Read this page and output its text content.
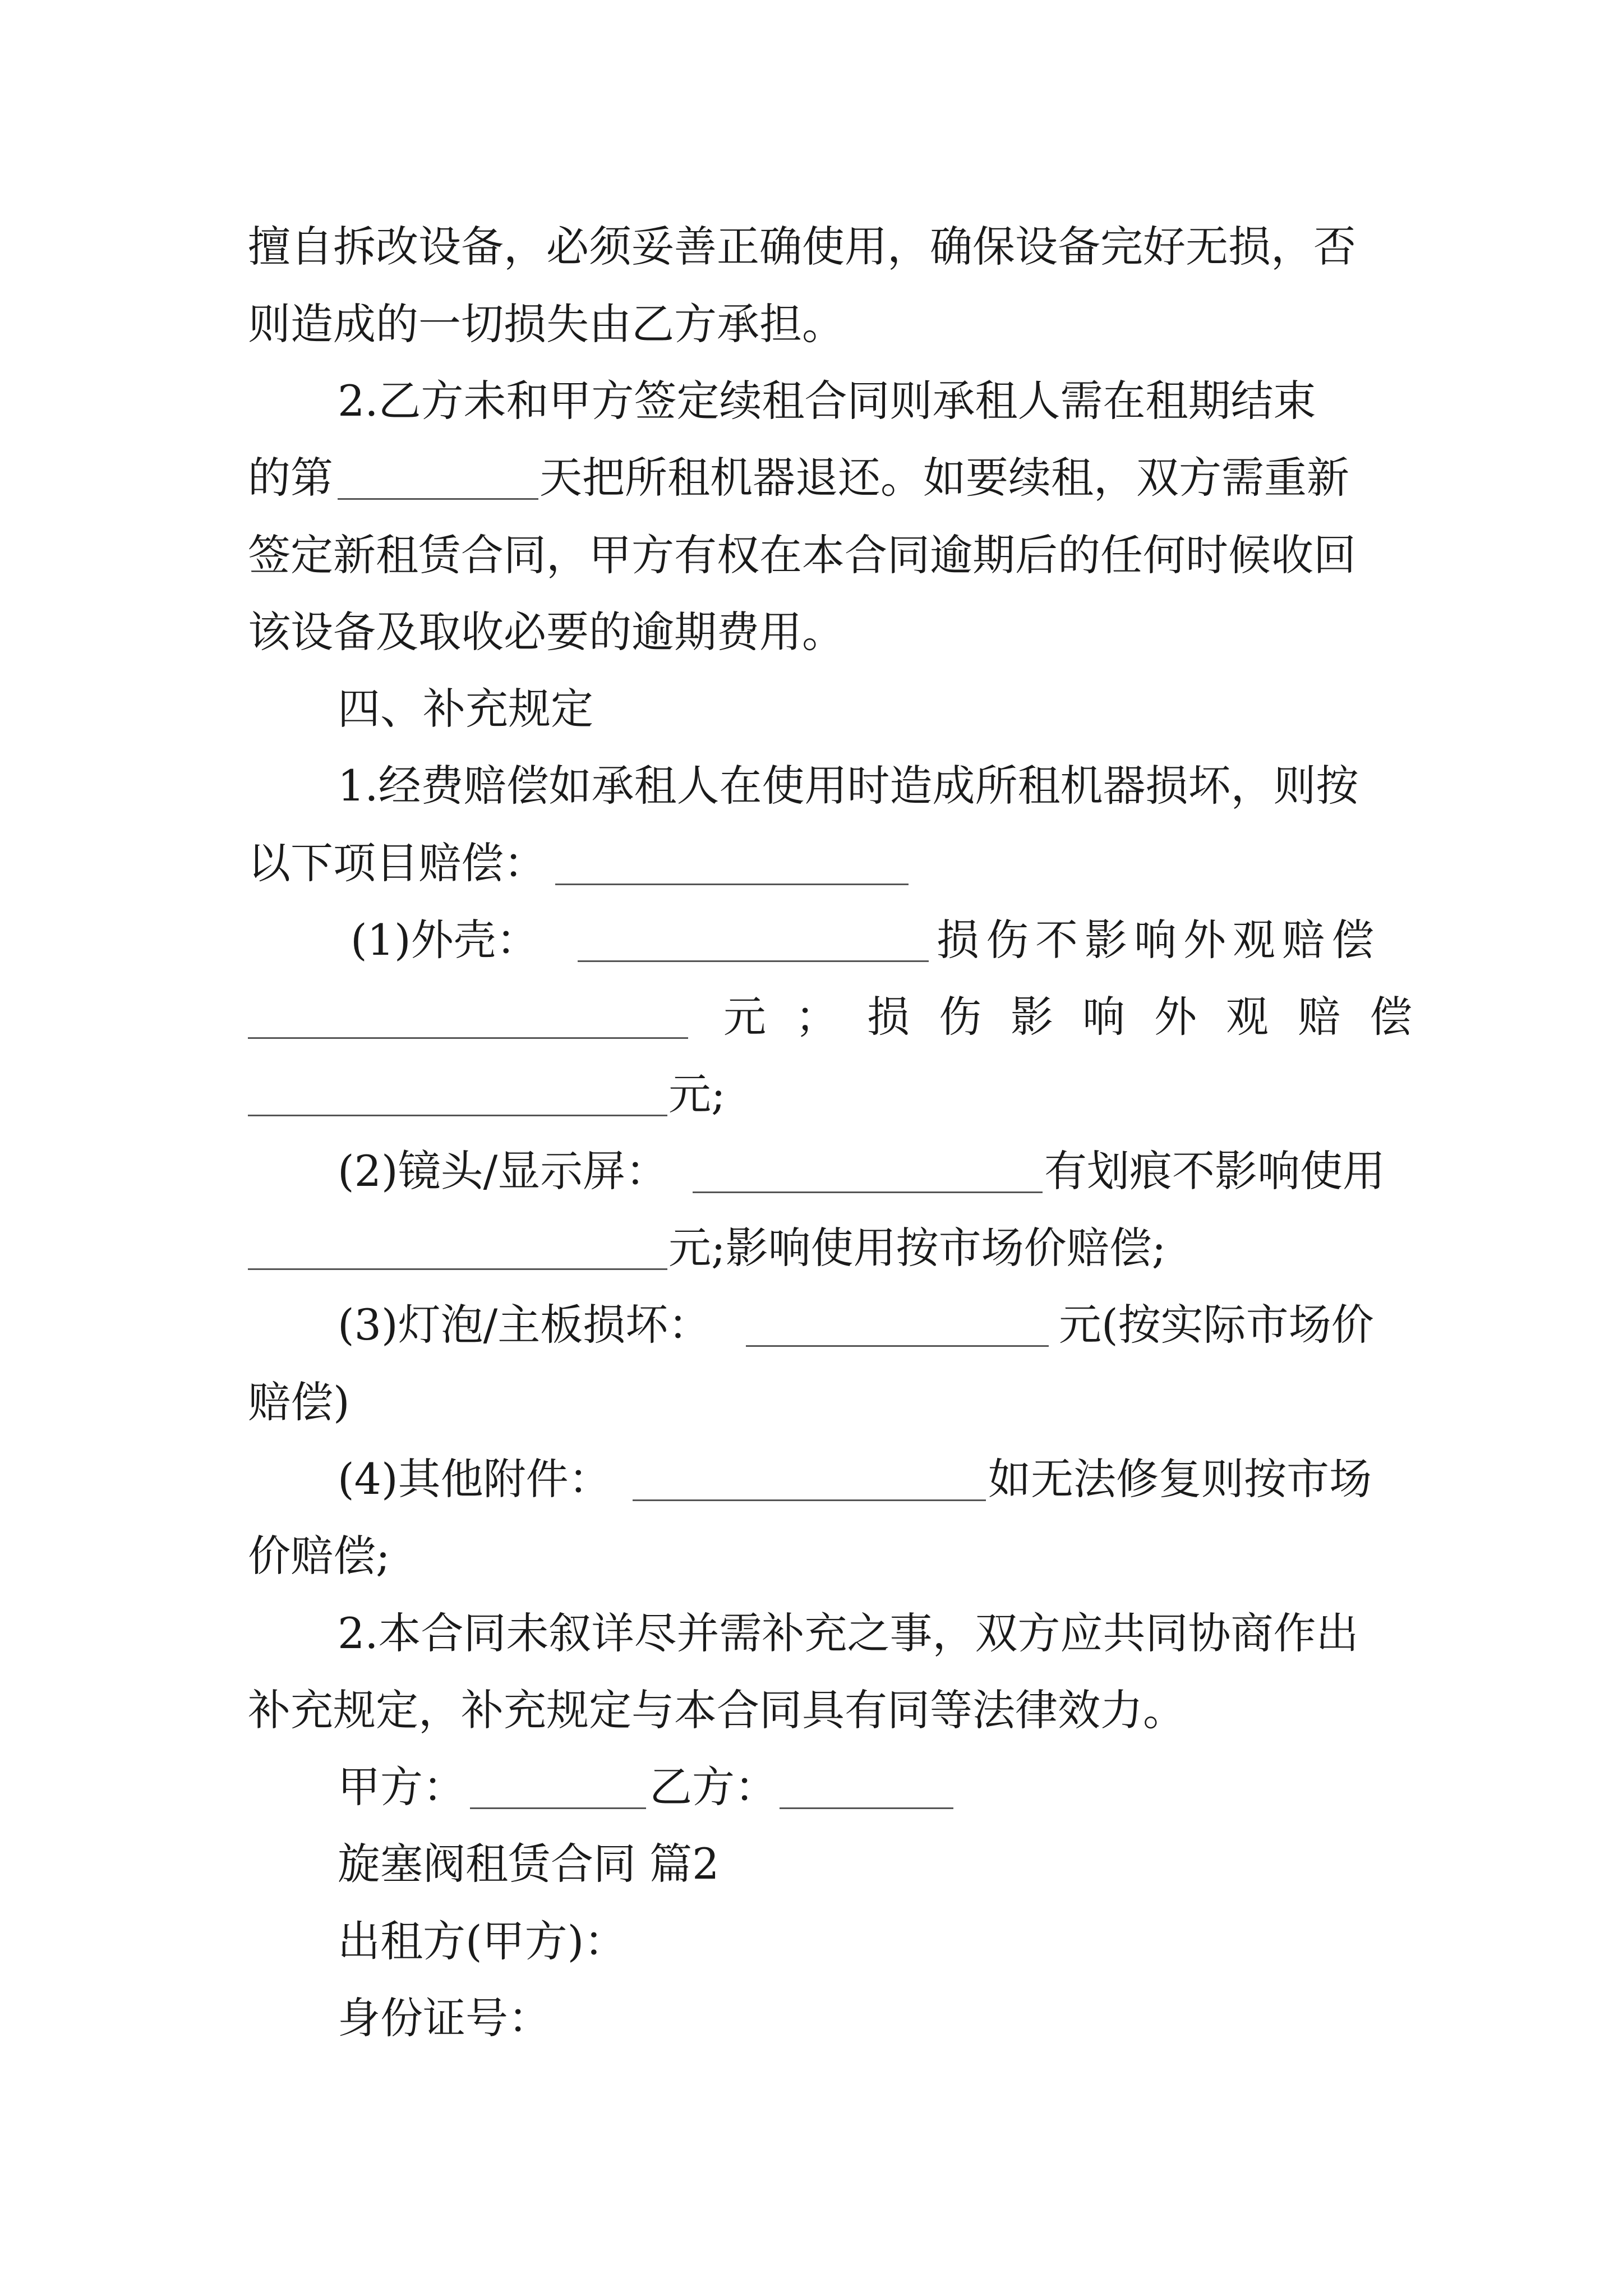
擅自拆改设备，必须妥善正确使用，确保设备完好无损，否
则造成的一切损失由乙方承担。
2.乙方未和甲方签定续租合同则承租人需在租期结束
的第	天把所租机器退还。如要续租，双方需重新
签定新租赁合同，甲方有权在本合同逾期后的任何时候收回
该设备及取收必要的逾期费用。
四、补充规定
1.经费赔偿如承租人在使用时造成所租机器损坏，则按
以下项目赔偿：
(1)外壳：	损伤不影响外观赔偿
元；损伤影响外观赔偿
元;
(2)镜头/显示屏：	有划痕不影响使用
元;影响使用按市场价赔偿;
(3)灯泡/主板损坏：	元(按实际市场价
赔偿)
(4)其他附件：	如无法修复则按市场
价赔偿;
2.本合同未叙详尽并需补充之事，双方应共同协商作出
补充规定，补充规定与本合同具有同等法律效力。
甲方：	乙方：
旋塞阀租赁合同 篇2
出租方(甲方)：
身份证号：
